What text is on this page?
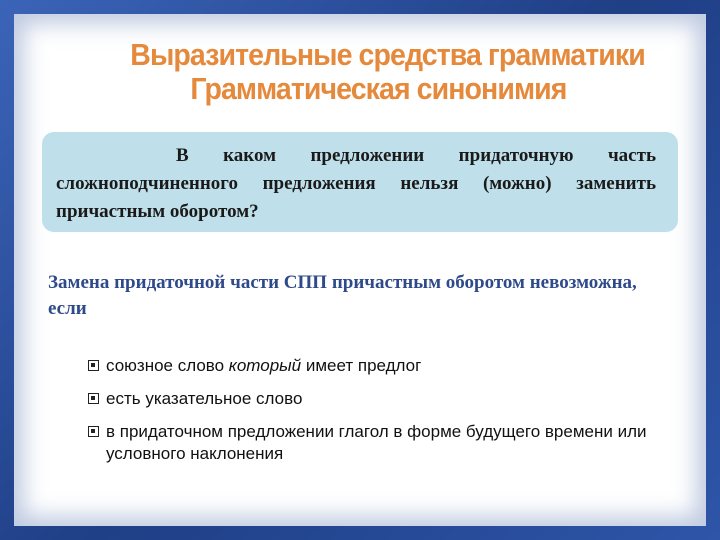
Выразительные средства грамматики
Грамматическая синонимия
В каком предложении придаточную часть сложноподчиненного предложения нельзя (можно) заменить причастным оборотом?
Замена придаточной части СПП причастным оборотом невозможна, если
союзное слово который имеет предлог
есть указательное слово
в придаточном предложении глагол в форме будущего времени или условного наклонения
